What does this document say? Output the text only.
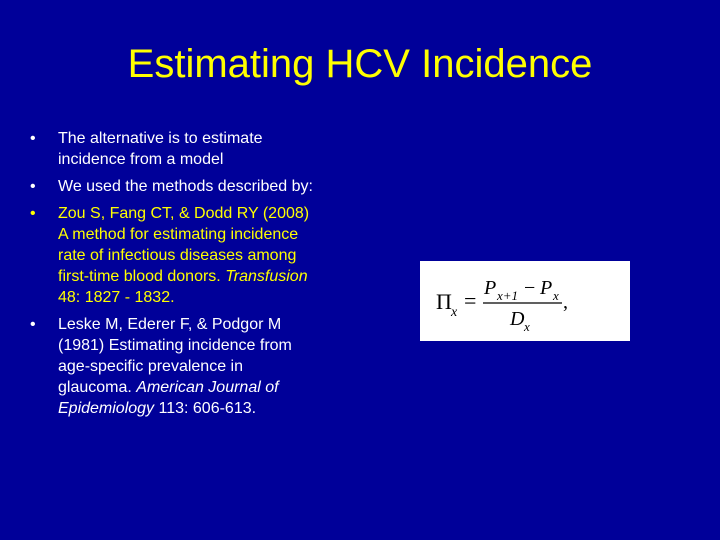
Estimating HCV Incidence
• The alternative is to estimate
incidence from a model
• We used the methods described by:
• Zou S, Fang CT, & Dodd RY (2008)
A method for estimating incidence
rate of infectious diseases among
first-time blood donors. Transfusion
48: 1827 - 1832.
• Leske M, Ederer F, & Podgor M
(1981) Estimating incidence from
age-specific prevalence in
glaucoma. American Journal of
Epidemiology 113: 606-613.
Π x = P x+1 − P x
D x
,
